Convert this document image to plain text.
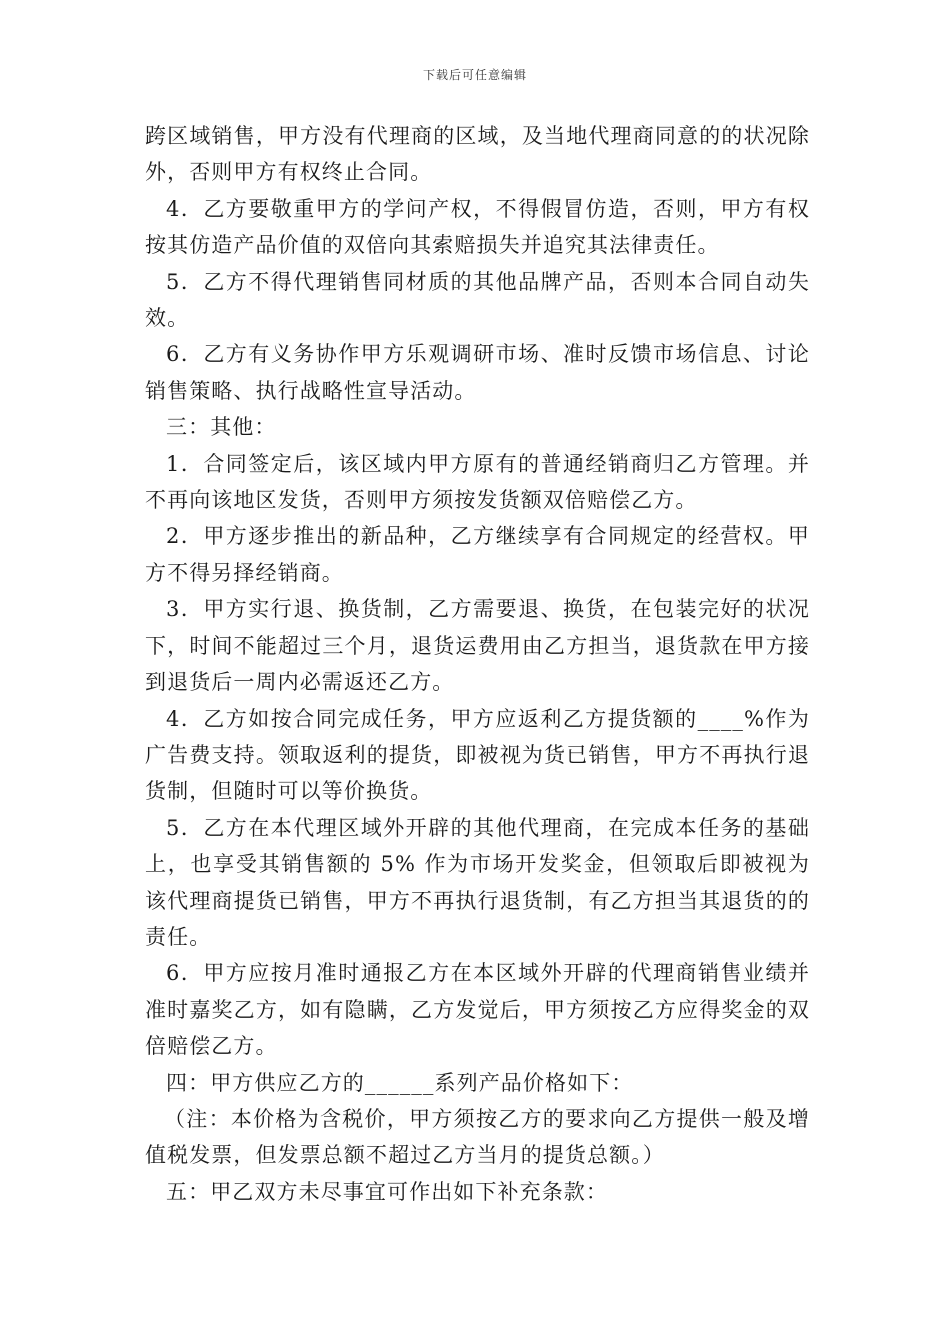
下载后可任意编辑

跨区域销售，甲方没有代理商的区域，及当地代理商同意的的状况除外，否则甲方有权终止合同。

4．乙方要敬重甲方的学问产权，不得假冒仿造，否则，甲方有权按其仿造产品价值的双倍向其索赔损失并追究其法律责任。

5．乙方不得代理销售同材质的其他品牌产品，否则本合同自动失效。

6．乙方有义务协作甲方乐观调研市场、准时反馈市场信息、讨论销售策略、执行战略性宣导活动。

三：其他：

1．合同签定后，该区域内甲方原有的普通经销商归乙方管理。并不再向该地区发货，否则甲方须按发货额双倍赔偿乙方。

2．甲方逐步推出的新品种，乙方继续享有合同规定的经营权。甲方不得另择经销商。

3．甲方实行退、换货制，乙方需要退、换货，在包装完好的状况下，时间不能超过三个月，退货运费用由乙方担当，退货款在甲方接到退货后一周内必需返还乙方。

4．乙方如按合同完成任务，甲方应返利乙方提货额的____%作为广告费支持。领取返利的提货，即被视为货已销售，甲方不再执行退货制，但随时可以等价换货。

5．乙方在本代理区域外开辟的其他代理商，在完成本任务的基础上，也享受其销售额的 5% 作为市场开发奖金，但领取后即被视为该代理商提货已销售，甲方不再执行退货制，有乙方担当其退货的的责任。

6．甲方应按月准时通报乙方在本区域外开辟的代理商销售业绩并准时嘉奖乙方，如有隐瞒，乙方发觉后，甲方须按乙方应得奖金的双倍赔偿乙方。

四：甲方供应乙方的______系列产品价格如下：

（注：本价格为含税价，甲方须按乙方的要求向乙方提供一般及增值税发票，但发票总额不超过乙方当月的提货总额。）

五：甲乙双方未尽事宜可作出如下补充条款：
